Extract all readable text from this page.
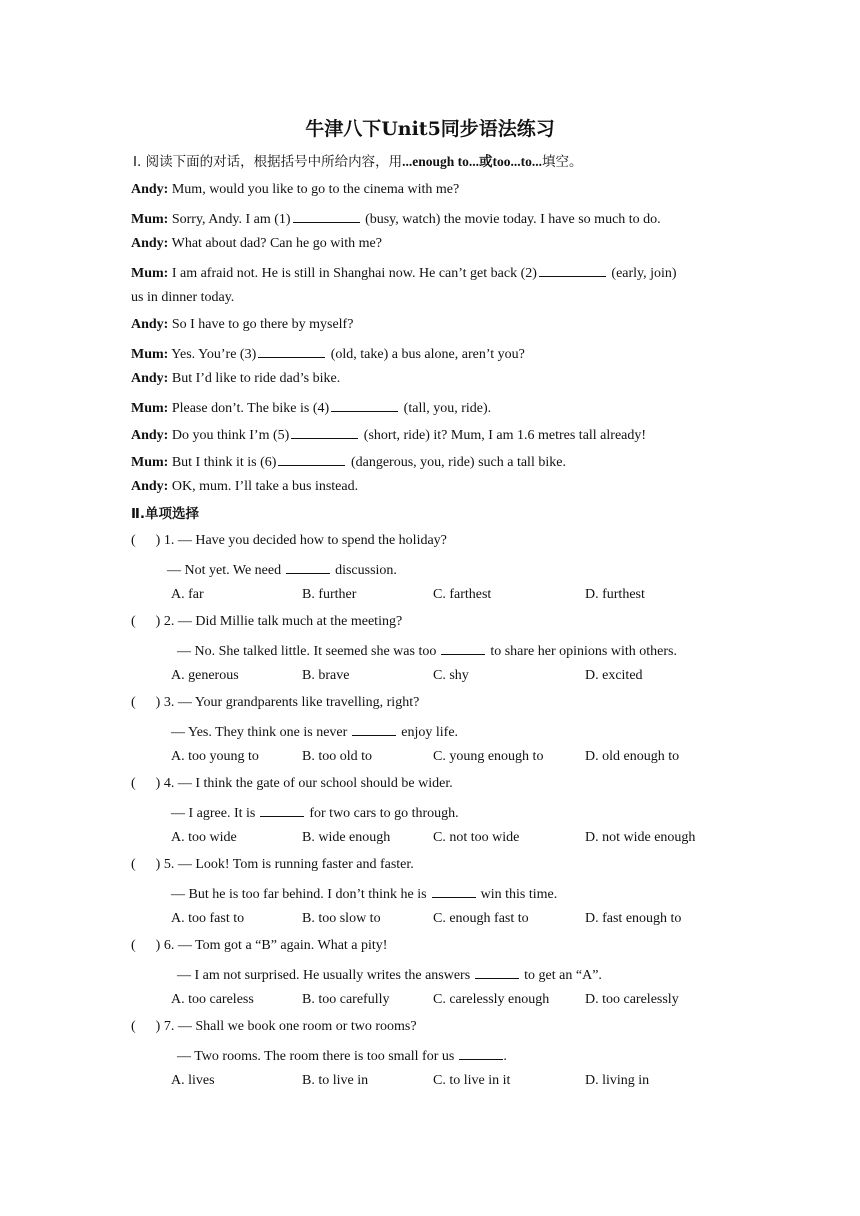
牛津八下Unit5同步语法练习
Ⅰ. 阅读下面的对话，根据括号中所给内容，用...enough to...或too...to...填空。
Andy: Mum, would you like to go to the cinema with me?
Mum: Sorry, Andy. I am (1)	(busy, watch) the movie today. I have so much to do.
Andy: What about dad? Can he go with me?
Mum: I am afraid not. He is still in Shanghai now. He can’t get back (2)	(early, join)
us in dinner today.
Andy: So I have to go there by myself?
Mum: Yes. You’re (3)	(old, take) a bus alone, aren’t you?
Andy: But I’d like to ride dad’s bike.
Mum: Please don’t. The bike is (4)	(tall, you, ride).
Andy: Do you think I’m (5)	(short, ride) it? Mum, I am 1.6 metres tall already!
Mum: But I think it is (6)	(dangerous, you, ride) such a tall bike.
Andy: OK, mum. I’ll take a bus instead.
Ⅱ.单项选择
( ) 1. — Have you decided how to spend the holiday?
— Not yet. We need	discussion.
A. far	B. further	C. farthest	D. furthest
( ) 2. — Did Millie talk much at the meeting?
— No. She talked little. It seemed she was too	to share her opinions with others.
A. generous	B. brave	C. shy	D. excited
( ) 3. — Your grandparents like travelling, right?
— Yes. They think one is never	enjoy life.
A. too young to	B. too old to	C. young enough to	D. old enough to
( ) 4. — I think the gate of our school should be wider.
— I agree. It is	for two cars to go through.
A. too wide	B. wide enough	C. not too wide	D. not wide enough
( ) 5. — Look! Tom is running faster and faster.
— But he is too far behind. I don’t think he is	win this time.
A. too fast to	B. too slow to	C. enough fast to	D. fast enough to
( ) 6. — Tom got a “B” again. What a pity!
— I am not surprised. He usually writes the answers	to get an “A”.
A. too careless	B. too carefully	C. carelessly enough	D. too carelessly
( ) 7. — Shall we book one room or two rooms?
— Two rooms. The room there is too small for us	.
A. lives	B. to live in	C. to live in it	D. living in
